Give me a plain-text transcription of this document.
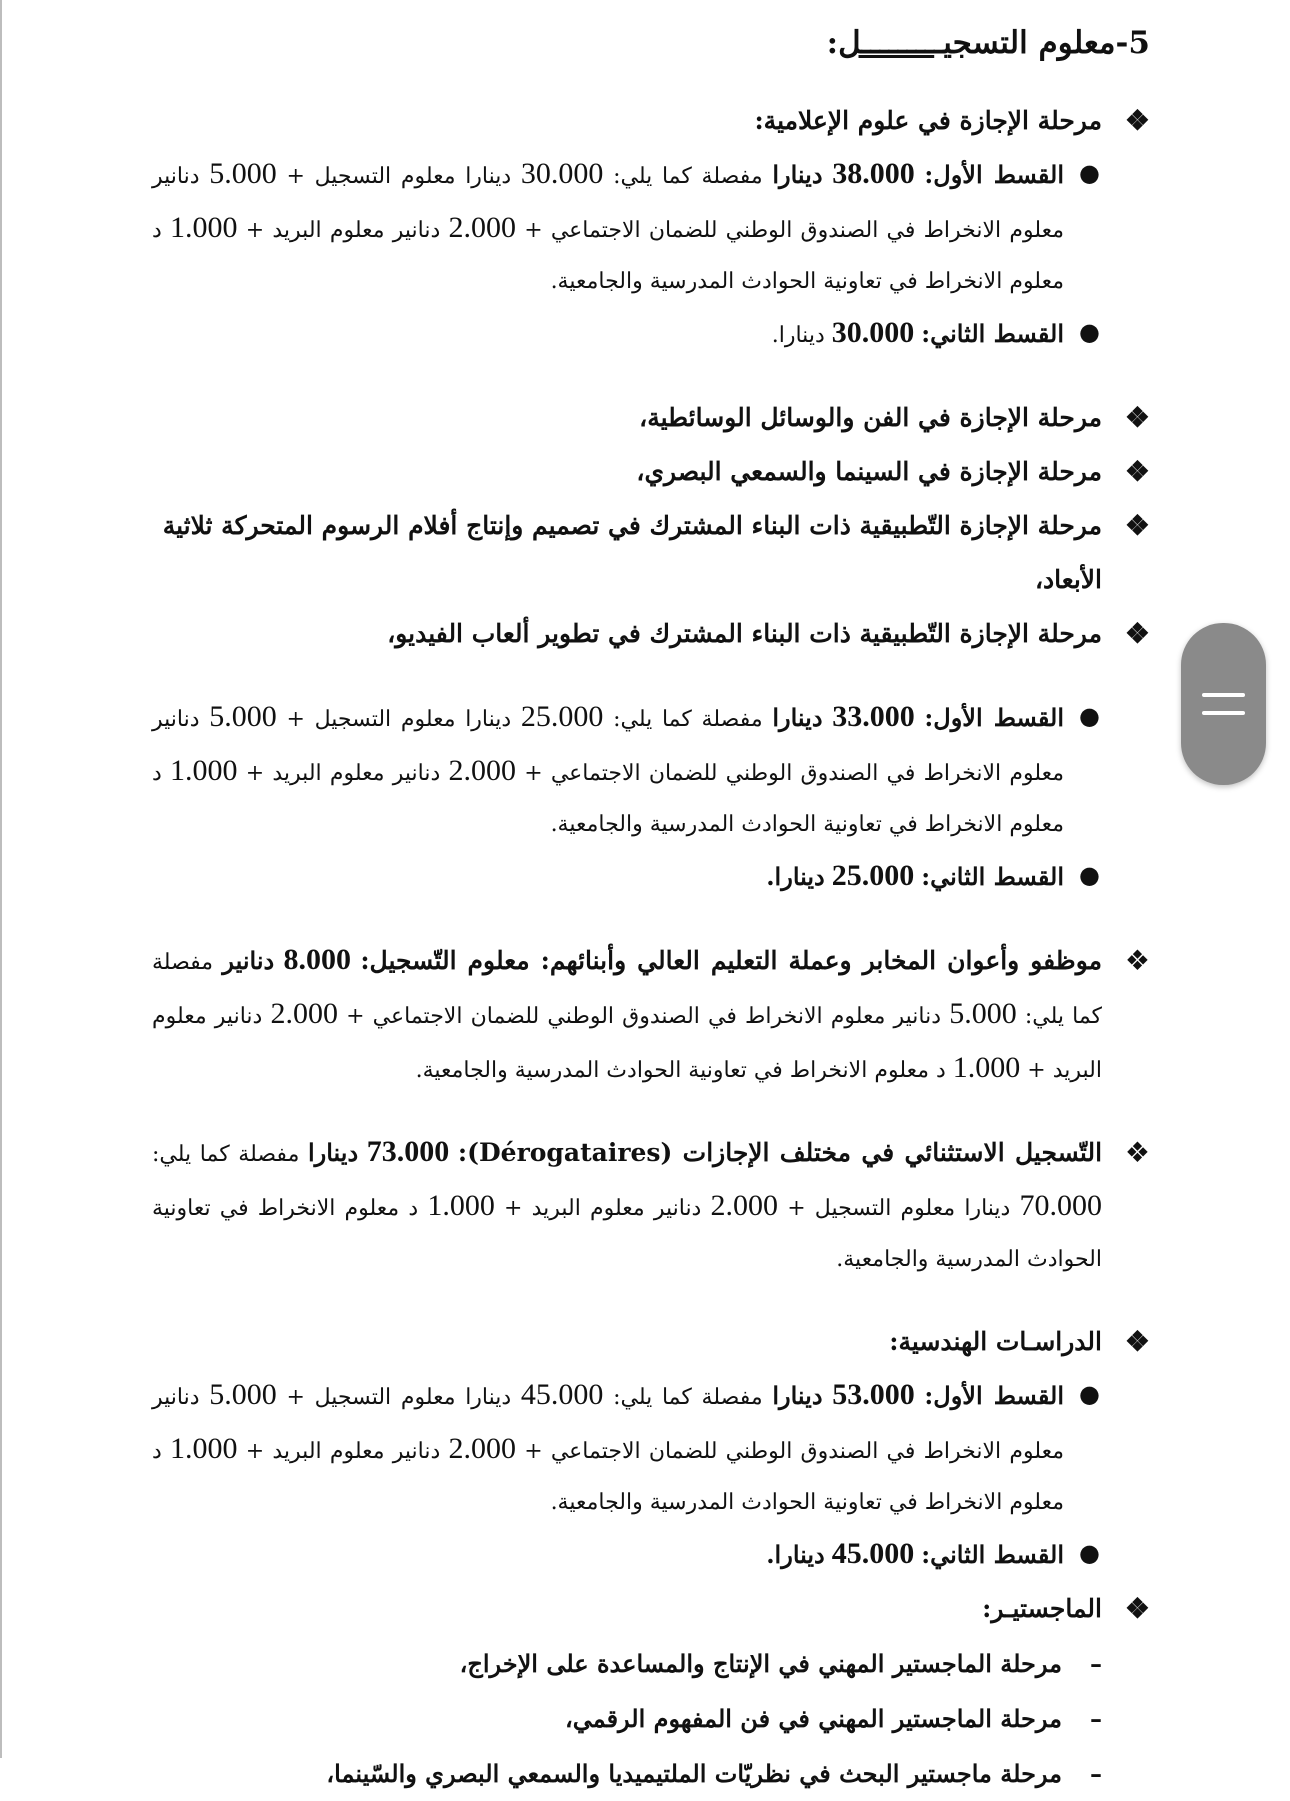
5-معلوم التسجيـــــــــل:
❖
مرحلة الإجازة في علوم الإعلامية:
●
القسط الأول: 38.000 دينارا مفصلة كما يلي: 30.000 دينارا معلوم التسجيل + 5.000 دنانير معلوم الانخراط في الصندوق الوطني للضمان الاجتماعي + 2.000 دنانير معلوم البريد + 1.000 د معلوم الانخراط في تعاونية الحوادث المدرسية والجامعية.
●
القسط الثاني: 30.000 دينارا.
❖
مرحلة الإجازة في الفن والوسائل الوسائطية،
❖
مرحلة الإجازة في السينما والسمعي البصري،
❖
مرحلة الإجازة التّطبيقية ذات البناء المشترك في تصميم وإنتاج أفلام الرسوم المتحركة ثلاثية الأبعاد،
❖
مرحلة الإجازة التّطبيقية ذات البناء المشترك في تطوير ألعاب الفيديو،
●
القسط الأول: 33.000 دينارا مفصلة كما يلي: 25.000 دينارا معلوم التسجيل + 5.000 دنانير معلوم الانخراط في الصندوق الوطني للضمان الاجتماعي + 2.000 دنانير معلوم البريد + 1.000 د معلوم الانخراط في تعاونية الحوادث المدرسية والجامعية.
●
القسط الثاني: 25.000 دينارا.
❖
موظفو وأعوان المخابر وعملة التعليم العالي وأبنائهم: معلوم التّسجيل: 8.000 دنانير مفصلة كما يلي: 5.000 دنانير معلوم الانخراط في الصندوق الوطني للضمان الاجتماعي + 2.000 دنانير معلوم البريد + 1.000 د معلوم الانخراط في تعاونية الحوادث المدرسية والجامعية.
❖
التّسجيل الاستثنائي في مختلف الإجازات (Dérogataires): 73.000 دينارا مفصلة كما يلي: 70.000 دينارا معلوم التسجيل + 2.000 دنانير معلوم البريد + 1.000 د معلوم الانخراط في تعاونية الحوادث المدرسية والجامعية.
❖
الدراسـات الهندسية:
●
القسط الأول: 53.000 دينارا مفصلة كما يلي: 45.000 دينارا معلوم التسجيل + 5.000 دنانير معلوم الانخراط في الصندوق الوطني للضمان الاجتماعي + 2.000 دنانير معلوم البريد + 1.000 د معلوم الانخراط في تعاونية الحوادث المدرسية والجامعية.
●
القسط الثاني: 45.000 دينارا.
❖
الماجستيـر:
–
مرحلة الماجستير المهني في الإنتاج والمساعدة على الإخراج،
–
مرحلة الماجستير المهني في فن المفهوم الرقمي،
–
مرحلة ماجستير البحث في نظريّات الملتيميديا والسمعي البصري والسّينما،
